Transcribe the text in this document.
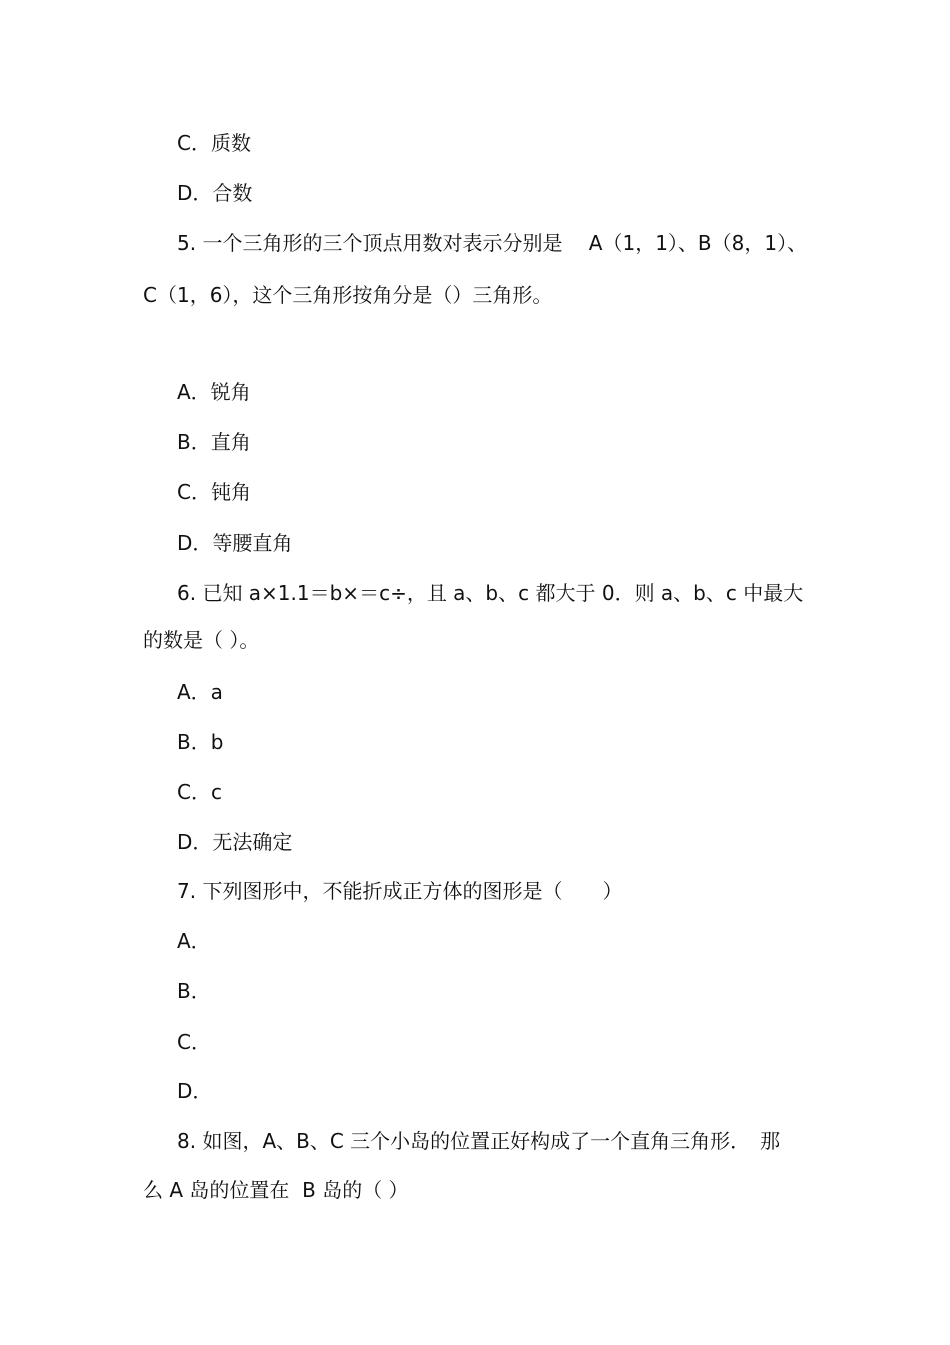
C．质数
D．合数
5. 一个三角形的三个顶点用数对表示分别是　 A（1，1）、B（8，1）、
C（1，6），这个三角形按角分是（）三角形。
A．锐角
B．直角
C．钝角
D．等腰直角
6. 已知 a×1.1＝b×＝c÷，且 a、b、c 都大于 0．则 a、b、c 中最大
的数是（ ）。
A．a
B．b
C．c
D．无法确定
7. 下列图形中，不能折成正方体的图形是（　　）
A．
B．
C．
D．
8. 如图，A、B、C 三个小岛的位置正好构成了一个直角三角形．　那
么 A 岛的位置在  B 岛的（ ）
